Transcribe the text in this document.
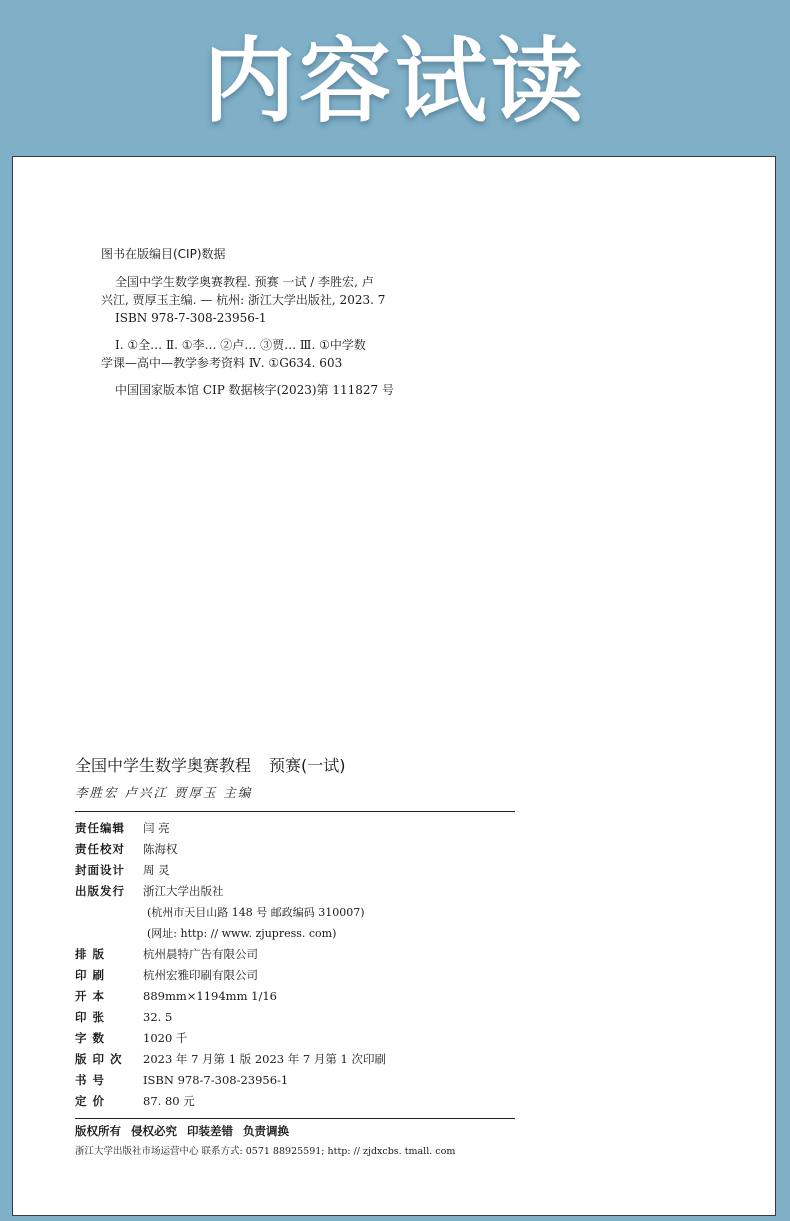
内容试读
图书在版编目(CIP)数据
全国中学生数学奥赛教程. 预赛 一试 / 李胜宏, 卢
兴江, 贾厚玉主编. — 杭州: 浙江大学出版社, 2023. 7
ISBN 978-7-308-23956-1
Ⅰ. ①全… Ⅱ. ①李… ②卢… ③贾… Ⅲ. ①中学数
学课—高中—教学参考资料 Ⅳ. ①G634. 603
中国国家版本馆 CIP 数据核字(2023)第 111827 号
全国中学生数学奥赛教程 预赛(一试)
李胜宏 卢兴江 贾厚玉 主编
责任编辑	闫 亮
责任校对	陈海权
封面设计	周 灵
出版发行	浙江大学出版社
(杭州市天目山路 148 号 邮政编码 310007)
(网址: http: // www. zjupress. com)
排 版	杭州晨特广告有限公司
印 刷	杭州宏雅印刷有限公司
开 本	889mm×1194mm 1/16
印 张	32. 5
字 数	1020 千
版 印 次	2023 年 7 月第 1 版 2023 年 7 月第 1 次印刷
书 号	ISBN 978-7-308-23956-1
定 价	87. 80 元
版权所有 侵权必究 印装差错 负责调换
浙江大学出版社市场运营中心 联系方式: 0571 88925591; http: // zjdxcbs. tmall. com
